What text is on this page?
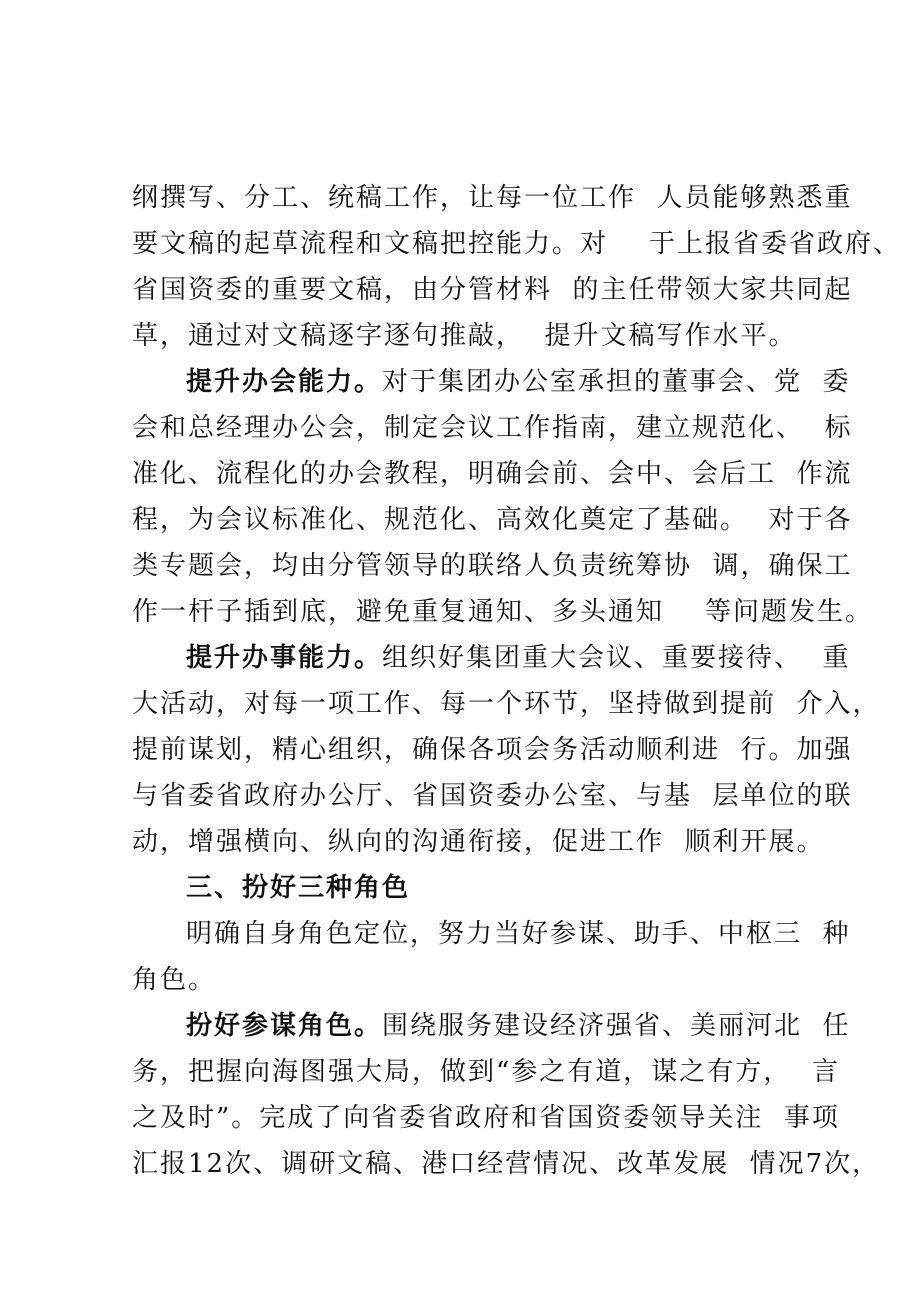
纲撰写、分工、统稿工作，让每一位工作  人员能够熟悉重
要文稿的起草流程和文稿把控能力。对    于上报省委省政府、
省国资委的重要文稿，由分管材料  的主任带领大家共同起
草，通过对文稿逐字逐句推敲，  提升文稿写作水平。
提升办会能力。对于集团办公室承担的董事会、党  委
会和总经理办公会，制定会议工作指南，建立规范化、  标
准化、流程化的办会教程，明确会前、会中、会后工  作流
程，为会议标准化、规范化、高效化奠定了基础。  对于各
类专题会，均由分管领导的联络人负责统筹协  调，确保工
作一杆子插到底，避免重复通知、多头通知    等问题发生。
提升办事能力。组织好集团重大会议、重要接待、  重
大活动，对每一项工作、每一个环节，坚持做到提前  介入，
提前谋划，精心组织，确保各项会务活动顺利进  行。加强
与省委省政府办公厅、省国资委办公室、与基  层单位的联
动，增强横向、纵向的沟通衔接，促进工作  顺利开展。
三、扮好三种角色
明确自身角色定位，努力当好参谋、助手、中枢三  种
角色。
扮好参谋角色。围绕服务建设经济强省、美丽河北  任
务，把握向海图强大局，做到“参之有道，谋之有方，  言
之及时”。完成了向省委省政府和省国资委领导关注  事项
汇报12次、调研文稿、港口经营情况、改革发展  情况7次，
